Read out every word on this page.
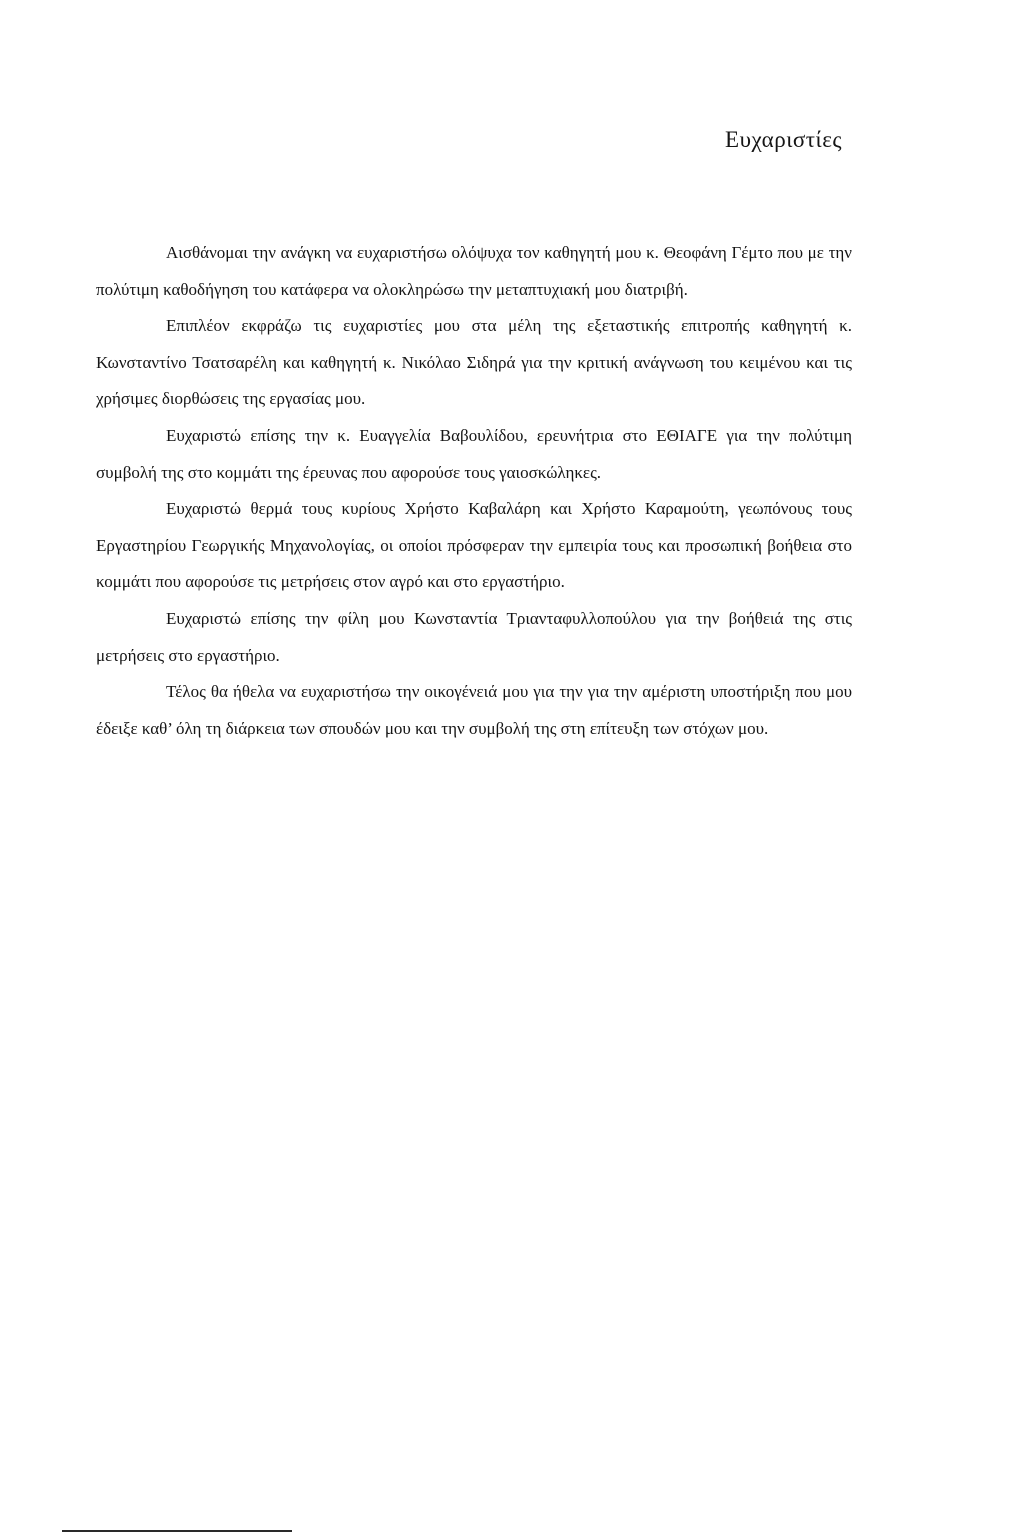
Ευχαριστίες

Αισθάνομαι την ανάγκη να ευχαριστήσω ολόψυχα τον καθηγητή μου κ. Θεοφάνη Γέμτο που με την πολύτιμη καθοδήγηση του κατάφερα να ολοκληρώσω την μεταπτυχιακή μου διατριβή.

Επιπλέον εκφράζω τις ευχαριστίες μου στα μέλη της εξεταστικής επιτροπής καθηγητή κ. Κωνσταντίνο Τσατσαρέλη και καθηγητή κ. Νικόλαο Σιδηρά για την κριτική ανάγνωση του κειμένου και τις χρήσιμες διορθώσεις της εργασίας μου.

Ευχαριστώ επίσης την κ. Ευαγγελία Βαβουλίδου, ερευνήτρια στο ΕΘΙΑΓΕ για την πολύτιμη συμβολή της στο κομμάτι της έρευνας που αφορούσε τους γαιοσκώληκες.

Ευχαριστώ θερμά τους κυρίους Χρήστο Καβαλάρη και Χρήστο Καραμούτη, γεωπόνους τους Εργαστηρίου Γεωργικής Μηχανολογίας, οι οποίοι πρόσφεραν την εμπειρία τους και προσωπική βοήθεια στο κομμάτι που αφορούσε τις μετρήσεις στον αγρό και στο εργαστήριο.

Ευχαριστώ επίσης την φίλη μου Κωνσταντία Τριανταφυλλοπούλου για την βοήθειά της στις μετρήσεις στο εργαστήριο.

Τέλος θα ήθελα να ευχαριστήσω την οικογένειά μου για την για την αμέριστη υποστήριξη που μου έδειξε καθ’ όλη τη διάρκεια των σπουδών μου και την συμβολή της στη επίτευξη των στόχων μου.
